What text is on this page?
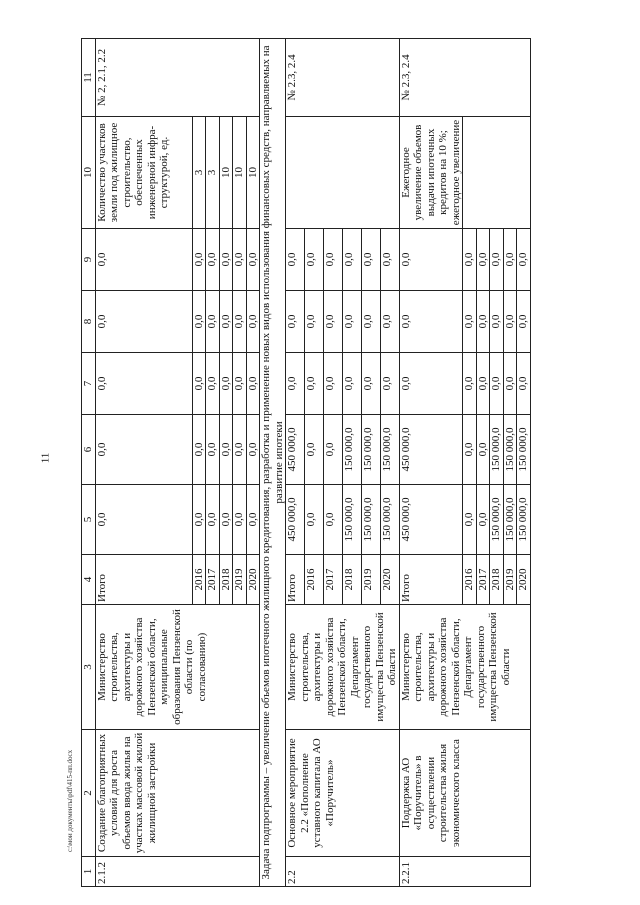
11
c:\мои документы\pdf\415-пп.docx
1	2	3	4	5	6	7	8	9	10	11
2.1.2	Создание благоприятных условий для роста объемов ввода жилья на участках массовой жилой жилищной застройки	Министерство строительства, архитектуры и дорожного хозяйства Пензенской области, муниципальные образования Пензенской области (по согласованию)	Итого	0,0	0,0	0,0	0,0	0,0	Количество участков земли под жилищное строительство, обеспеченных инженерной инфра-структурой, ед.	№ 2, 2.1, 2.2
			2016	0,0	0,0	0,0	0,0	0,0	3	
			2017	0,0	0,0	0,0	0,0	0,0	3	
			2018	0,0	0,0	0,0	0,0	0,0	10	
			2019	0,0	0,0	0,0	0,0	0,0	10	
			2020	0,0	0,0	0,0	0,0	0,0	10	
Задача подпрограммы – увеличение объемов ипотечного жилищного кредитования, разработка и применение новых видов использования финансовых средств, направляемых на развитие ипотеки										
2.2	Основное мероприятие 2.2 «Пополнение уставного капитала АО «Поручитель»	Министерство строительства, архитектуры и дорожного хозяйства Пензенской области, Департамент государственного имущества Пензенской области	Итого	450 000,0	450 000,0	0,0	0,0	0,0		№ 2.3, 2.4
			2016	0,0	0,0	0,0	0,0	0,0		
			2017	0,0	0,0	0,0	0,0	0,0		
			2018	150 000,0	150 000,0	0,0	0,0	0,0		
			2019	150 000,0	150 000,0	0,0	0,0	0,0		
			2020	150 000,0	150 000,0	0,0	0,0	0,0		
2.2.1	Поддержка АО «Поручитель» в осуществлении строительства жилья экономического класса	Министерство строительства, архитектуры и дорожного хозяйства Пензенской области, Департамент государственного имущества Пензенской области	Итого	450 000,0	450 000,0	0,0	0,0	0,0	Ежегодное увеличение объемов выдачи ипотечных кредитов на 10 %; ежегодное увеличение	№ 2.3, 2.4
			2016	0,0	0,0	0,0	0,0	0,0		
			2017	0,0	0,0	0,0	0,0	0,0		
			2018	150 000,0	150 000,0	0,0	0,0	0,0		
			2019	150 000,0	150 000,0	0,0	0,0	0,0		
			2020	150 000,0	150 000,0	0,0	0,0	0,0		
